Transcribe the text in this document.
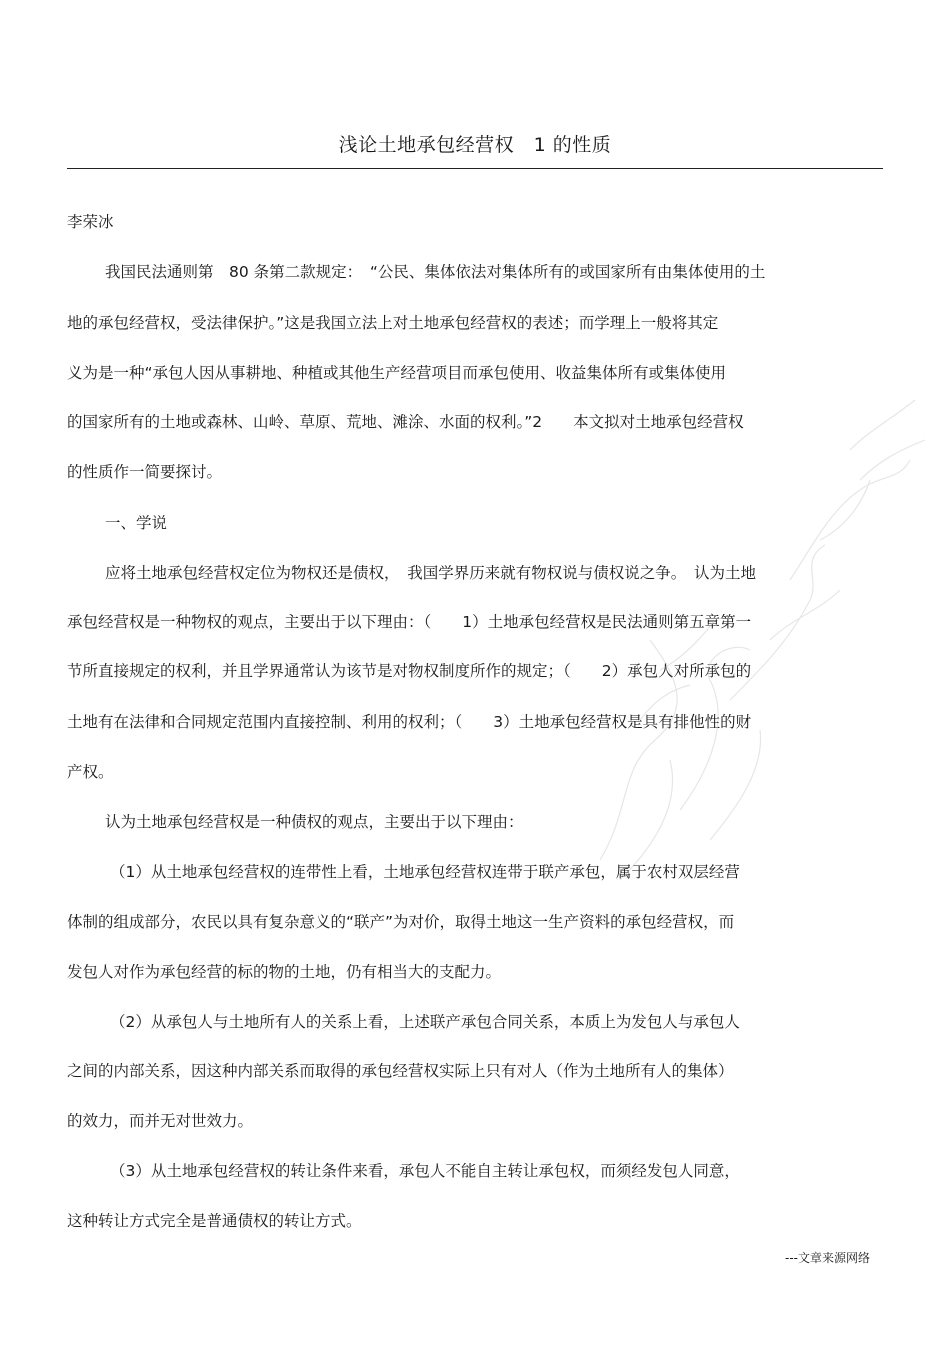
浅论土地承包经营权　1 的性质
李荣冰
我国民法通则第　80 条第二款规定：　“公民、集体依法对集体所有的或国家所有由集体使用的土
地的承包经营权，受法律保护。”这是我国立法上对土地承包经营权的表述；而学理上一般将其定
义为是一种“承包人因从事耕地、种植或其他生产经营项目而承包使用、收益集体所有或集体使用
的国家所有的土地或森林、山岭、草原、荒地、滩涂、水面的权利。”2　　本文拟对土地承包经营权
的性质作一简要探讨。
一、学说
应将土地承包经营权定位为物权还是债权，　我国学界历来就有物权说与债权说之争。　认为土地
承包经营权是一种物权的观点，主要出于以下理由：（　　1）土地承包经营权是民法通则第五章第一
节所直接规定的权利，并且学界通常认为该节是对物权制度所作的规定；（　　2）承包人对所承包的
土地有在法律和合同规定范围内直接控制、利用的权利；（　　3）土地承包经营权是具有排他性的财
产权。
认为土地承包经营权是一种债权的观点，主要出于以下理由：
（1）从土地承包经营权的连带性上看，土地承包经营权连带于联产承包，属于农村双层经营
体制的组成部分，农民以具有复杂意义的“联产”为对价，取得土地这一生产资料的承包经营权，而
发包人对作为承包经营的标的物的土地，仍有相当大的支配力。
（2）从承包人与土地所有人的关系上看，上述联产承包合同关系，本质上为发包人与承包人
之间的内部关系，因这种内部关系而取得的承包经营权实际上只有对人（作为土地所有人的集体）
的效力，而并无对世效力。
（3）从土地承包经营权的转让条件来看，承包人不能自主转让承包权，而须经发包人同意，
这种转让方式完全是普通债权的转让方式。
---文章来源网络
